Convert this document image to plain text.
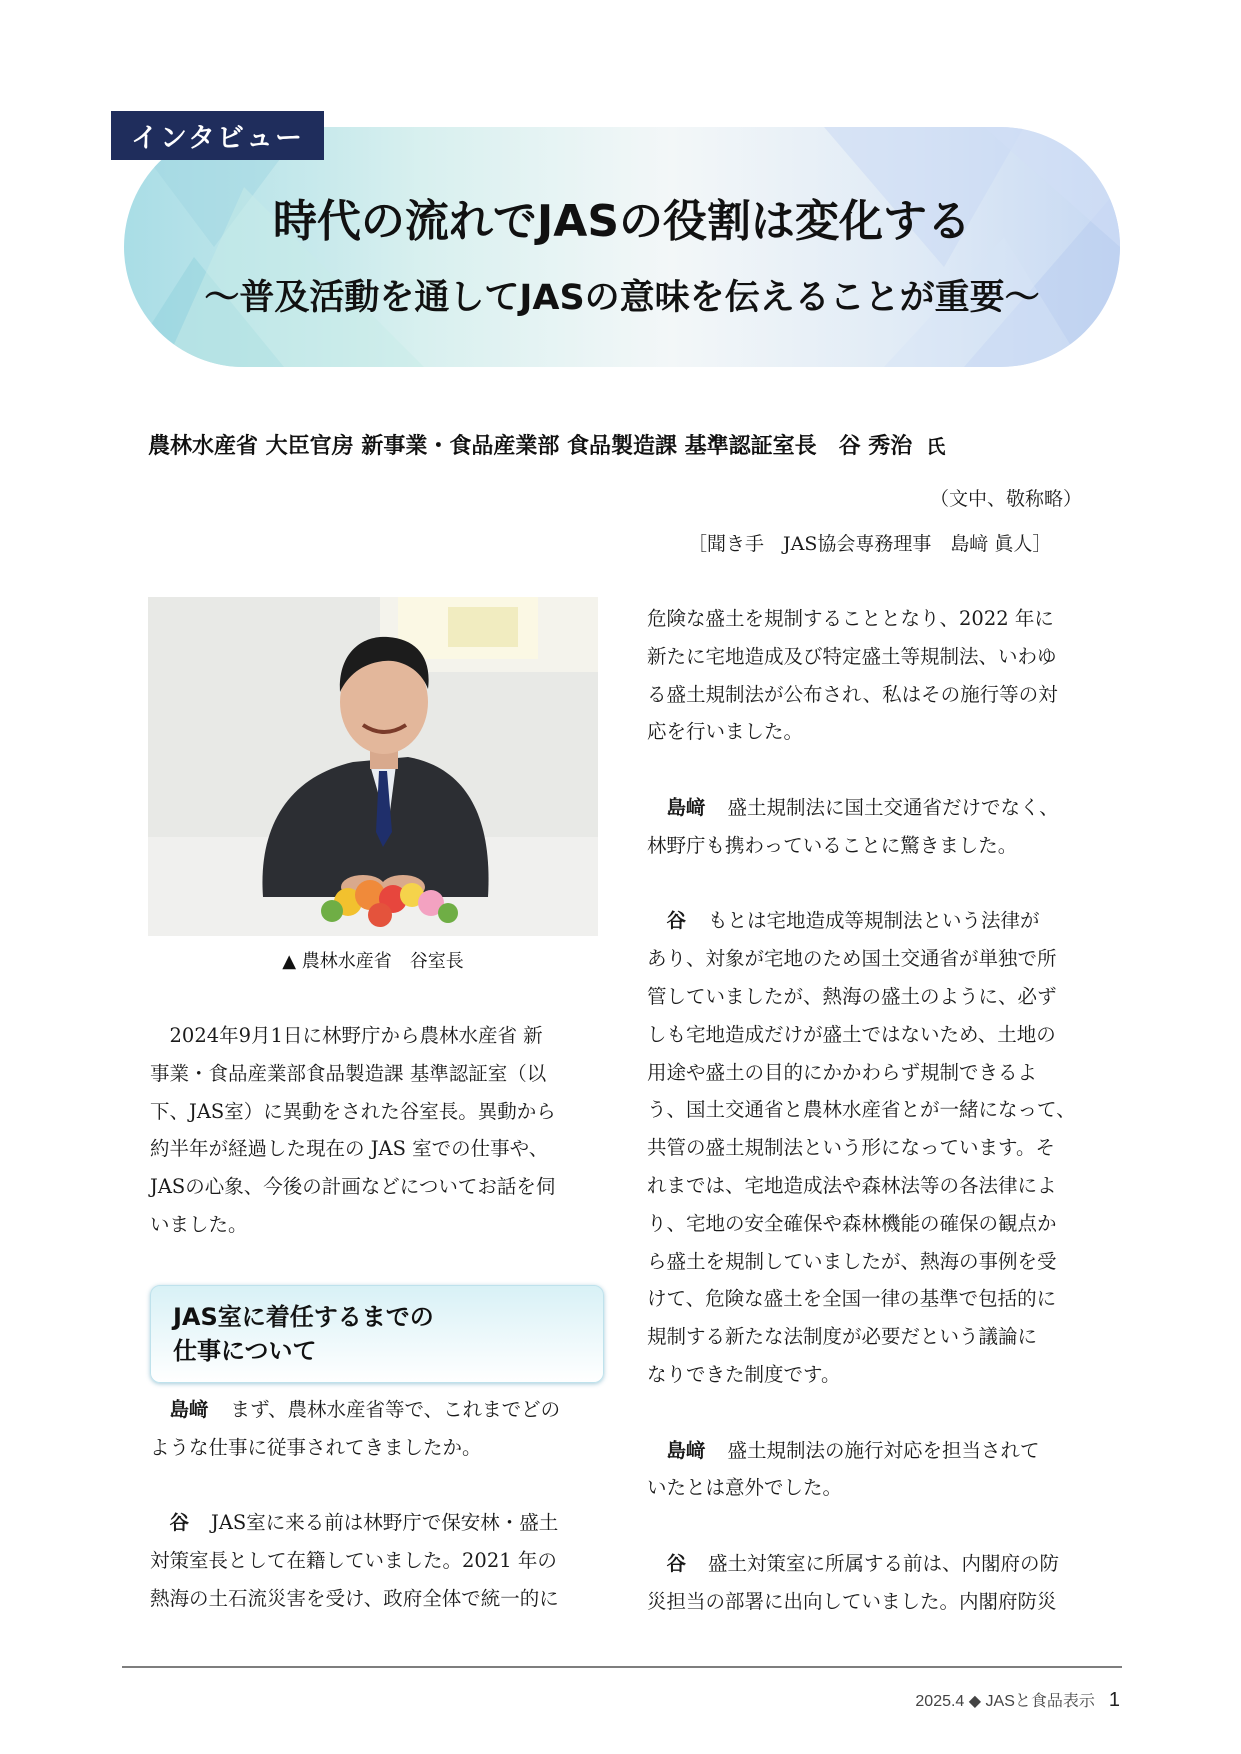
インタビュー
時代の流れでJASの役割は変化する
～普及活動を通してJASの意味を伝えることが重要～
農林水産省 大臣官房 新事業・食品産業部 食品製造課 基準認証室長　谷 秀治 氏
（文中、敬称略）
［聞き手　JAS協会専務理事　島﨑 眞人］
▲ 農林水産省　谷室長

2024年9月1日に林野庁から農林水産省 新

事業・食品産業部食品製造課 基準認証室（以

下、JAS室）に異動をされた谷室長。異動から

約半年が経過した現在の JAS 室での仕事や、

JASの心象、今後の計画などについてお話を伺

いました。

JAS室に着任するまでの
仕事について

島﨑 まず、農林水産省等で、これまでどの

ような仕事に従事されてきましたか。

谷 JAS室に来る前は林野庁で保安林・盛土

対策室長として在籍していました。2021 年の

熱海の土石流災害を受け、政府全体で統一的に

危険な盛土を規制することとなり、2022 年に

新たに宅地造成及び特定盛土等規制法、いわゆ

る盛土規制法が公布され、私はその施行等の対

応を行いました。

島﨑 盛土規制法に国土交通省だけでなく、

林野庁も携わっていることに驚きました。

谷 もとは宅地造成等規制法という法律が

あり、対象が宅地のため国土交通省が単独で所

管していましたが、熱海の盛土のように、必ず

しも宅地造成だけが盛土ではないため、土地の

用途や盛土の目的にかかわらず規制できるよ

う、国土交通省と農林水産省とが一緒になって、

共管の盛土規制法という形になっています。そ

れまでは、宅地造成法や森林法等の各法律によ

り、宅地の安全確保や森林機能の確保の観点か

ら盛土を規制していましたが、熱海の事例を受

けて、危険な盛土を全国一律の基準で包括的に

規制する新たな法制度が必要だという議論に

なりできた制度です。

島﨑 盛土規制法の施行対応を担当されて

いたとは意外でした。

谷 盛土対策室に所属する前は、内閣府の防

災担当の部署に出向していました。内閣府防災

2025.4 ◆ JASと食品表示 1
